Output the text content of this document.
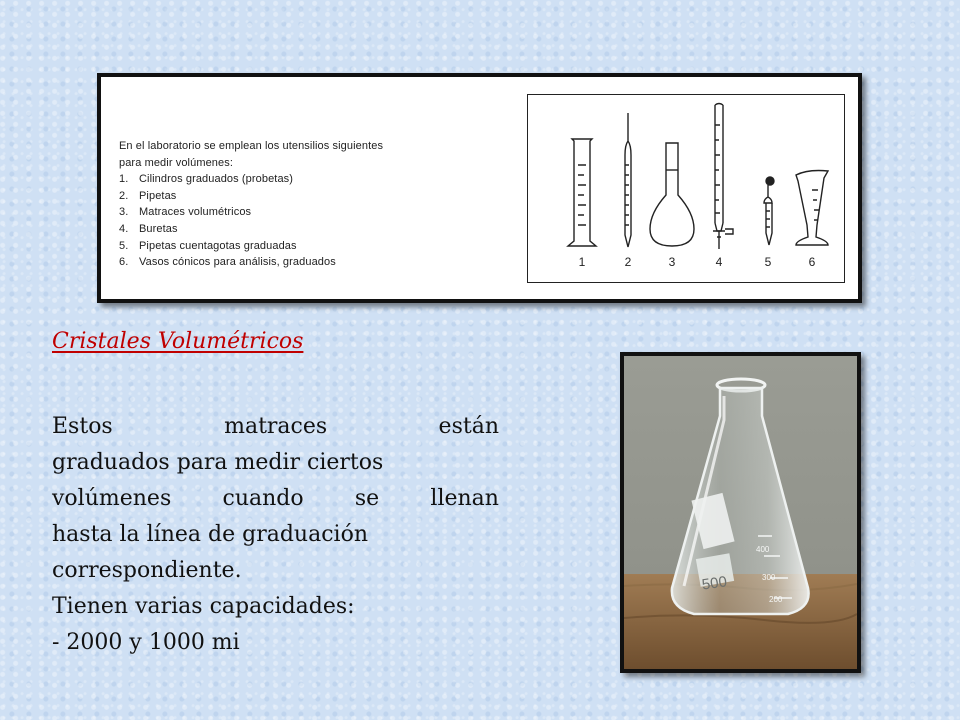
En el laboratorio se emplean los utensilios siguientes
para medir volúmenes:
1. Cilindros graduados (probetas)
2. Pipetas
3. Matraces volumétricos
4. Buretas
5. Pipetas cuentagotas graduadas
6. Vasos cónicos para análisis, graduados	1	2	3	4	5	6
Cristales Volumétricos
Estos	matraces	están
graduados para medir ciertos
volúmenes cuando se llenan
hasta la línea de graduación
correspondiente.
Tienen varias capacidades:
- 2000 y 1000 mi
500
400
300
200
